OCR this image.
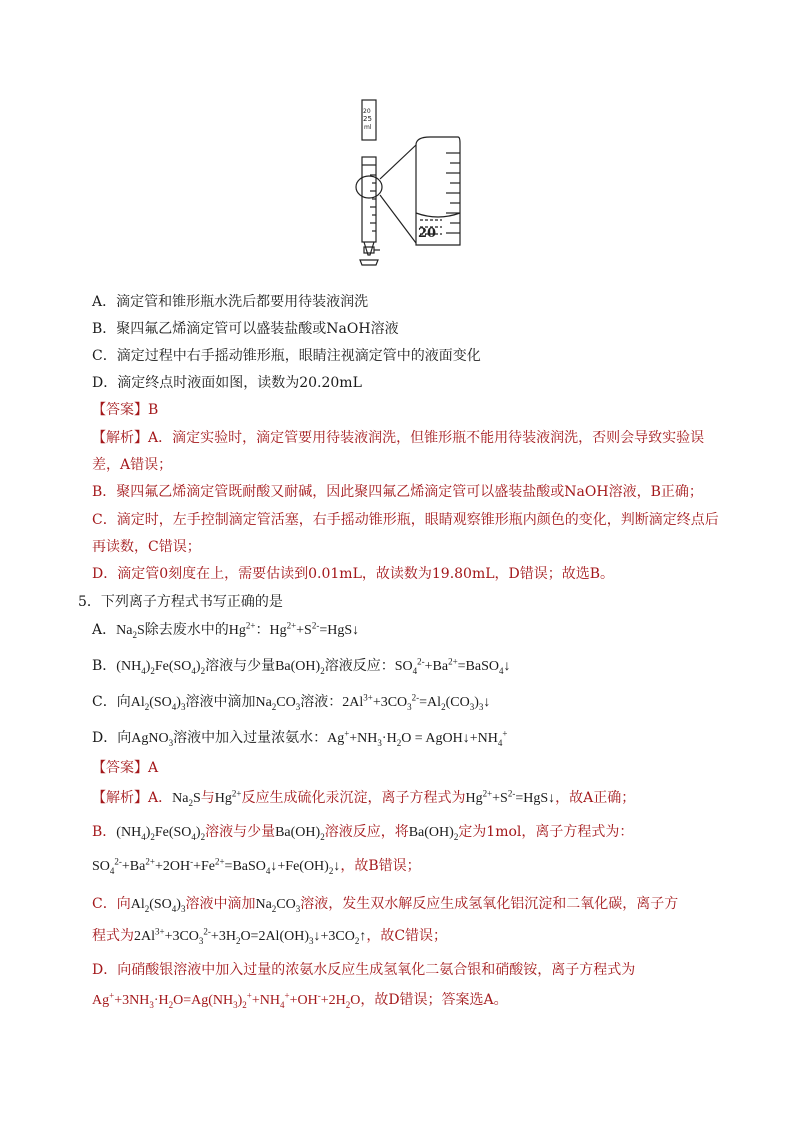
20
25
ml
20
A．滴定管和锥形瓶水洗后都要用待装液润洗
B．聚四氟乙烯滴定管可以盛装盐酸或NaOH溶液
C．滴定过程中右手摇动锥形瓶，眼睛注视滴定管中的液面变化
D．滴定终点时液面如图，读数为20.20mL
【答案】B
【解析】A．滴定实验时，滴定管要用待装液润洗，但锥形瓶不能用待装液润洗，否则会导致实验误
差，A错误；
B．聚四氟乙烯滴定管既耐酸又耐碱，因此聚四氟乙烯滴定管可以盛装盐酸或NaOH溶液，B正确；
C．滴定时，左手控制滴定管活塞，右手摇动锥形瓶，眼睛观察锥形瓶内颜色的变化，判断滴定终点后
再读数，C错误；
D．滴定管0刻度在上，需要估读到0.01mL，故读数为19.80mL，D错误；故选B。
5．下列离子方程式书写正确的是
A．$Na_2S$除去废水中的$Hg^{2+}$：$Hg^{2+}+S^{2-}=HgS↓$
B．$(NH_4)_2Fe(SO_4)_2$溶液与少量$Ba(OH)_2$溶液反应：$SO_4^{2-}+Ba^{2+}=BaSO_4↓$
C．向$Al_2(SO_4)_3$溶液中滴加$Na_2CO_3$溶液：$2Al^{3+}+3CO_3^{2-}=Al_2(CO_3)_3↓$
D．向AgNO$_3$溶液中加入过量浓氨水：$Ag^++NH_3\cdot H_2O$ = $AgOH↓+NH_4^+$
【答案】A
【解析】A．$Na_2S$与$Hg^{2+}$反应生成硫化汞沉淀，离子方程式为$Hg^{2+}+S^{2-}=HgS↓$，故A正确；
B．$(NH_4)_2Fe(SO_4)_2$溶液与少量$Ba(OH)_2$溶液反应，将$Ba(OH)_2$定为1mol，离子方程式为：
$SO_4^{2-}+Ba^{2+}+2OH^-+Fe^{2+}=BaSO_4↓+Fe(OH)_2↓$，故B错误；
C．向$Al_2(SO_4)_3$溶液中滴加$Na_2CO_3$溶液，发生双水解反应生成氢氧化铝沉淀和二氧化碳，离子方
程式为$2Al^{3+}+3CO_3^{2-}+3H_2O=2Al(OH)_3↓+3CO_2↑$，故C错误；
D．向硝酸银溶液中加入过量的浓氨水反应生成氢氧化二氨合银和硝酸铵，离子方程式为
$Ag^++3NH_3\cdot H_2O=Ag(NH_3)_2^++NH_4^++OH^-+2H_2O$，故D错误；答案选A。
